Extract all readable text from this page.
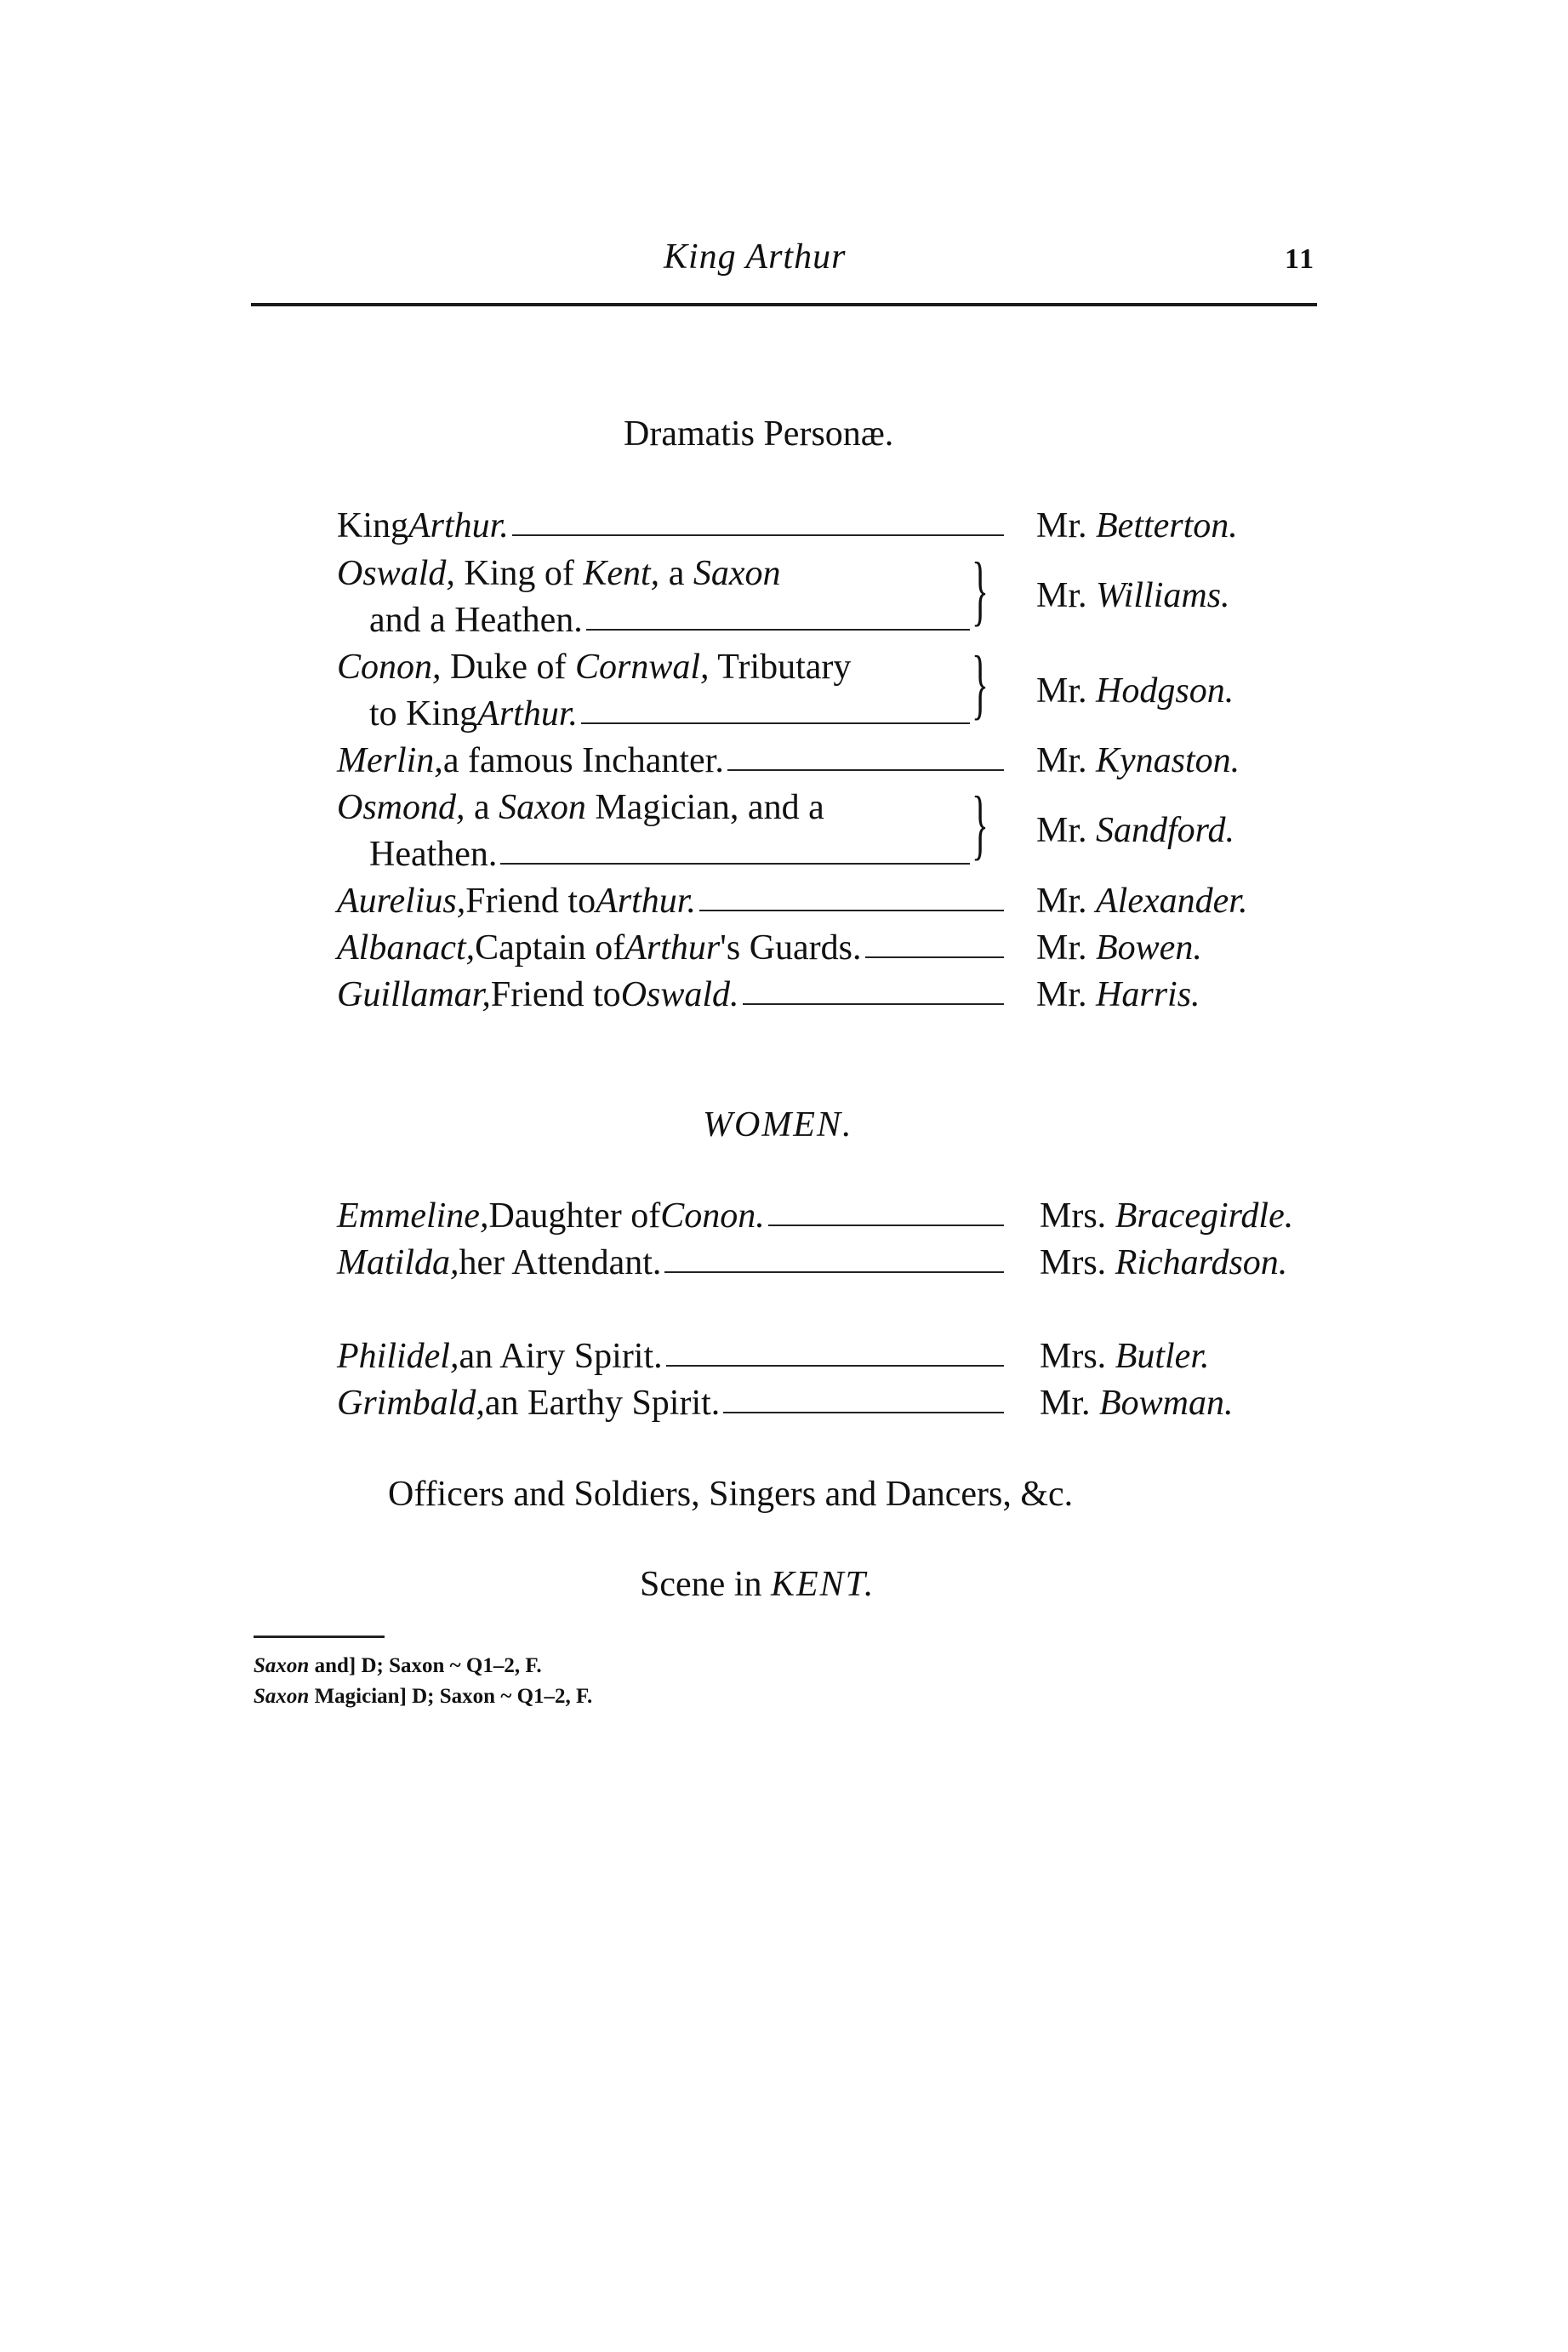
King Arthur	11
Dramatis Personæ.
King Arthur.	Mr. Betterton.
Oswald, King of Kent, a Saxon
and a Heathen.	} Mr. Williams.
Conon, Duke of Cornwal, Tributary
to King Arthur.	} Mr. Hodgson.
Merlin, a famous Inchanter.	Mr. Kynaston.
Osmond, a Saxon Magician, and a
Heathen.	} Mr. Sandford.
Aurelius, Friend to Arthur.	Mr. Alexander.
Albanact, Captain of Arthur 's Guards.	Mr. Bowen.
Guillamar, Friend to Oswald.	Mr. Harris.
WOMEN.
Emmeline, Daughter of Conon.	Mrs. Bracegirdle.
Matilda, her Attendant.	Mrs. Richardson.
Philidel, an Airy Spirit.	Mrs. Butler.
Grimbald, an Earthy Spirit.	Mr. Bowman.
Officers and Soldiers, Singers and Dancers, &c.
Scene in KENT.
Saxon and] D; Saxon ~ Q1–2, F.
Saxon Magician] D; Saxon ~ Q1–2, F.
